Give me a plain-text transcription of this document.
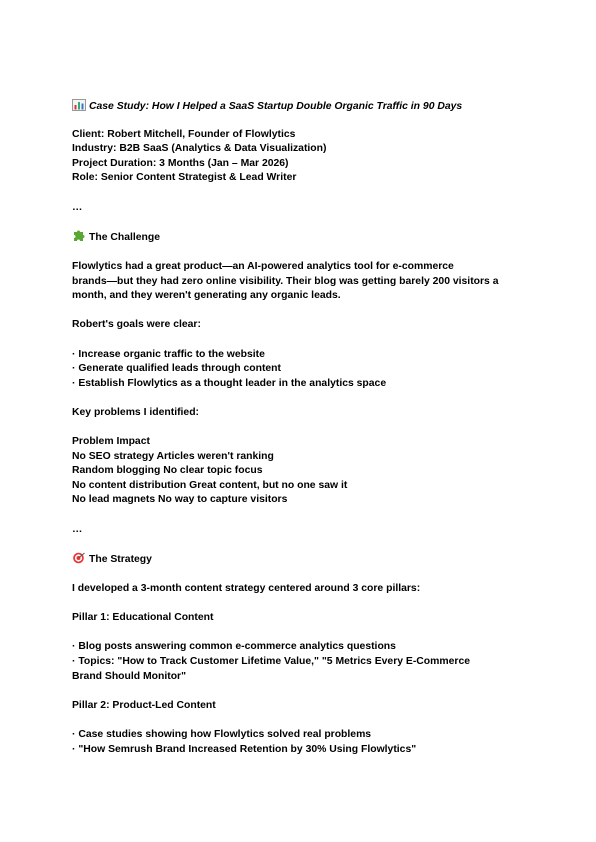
Case Study: How I Helped a SaaS Startup Double Organic Traffic in 90 Days
Client: Robert Mitchell, Founder of Flowlytics
Industry: B2B SaaS (Analytics & Data Visualization)
Project Duration: 3 Months (Jan – Mar 2026)
Role: Senior Content Strategist & Lead Writer
…
The Challenge
Flowlytics had a great product—an AI-powered analytics tool for e-commerce
brands—but they had zero online visibility. Their blog was getting barely 200 visitors a
month, and they weren't generating any organic leads.
Robert's goals were clear:
· Increase organic traffic to the website
· Generate qualified leads through content
· Establish Flowlytics as a thought leader in the analytics space
Key problems I identified:
Problem Impact
No SEO strategy Articles weren't ranking
Random blogging No clear topic focus
No content distribution Great content, but no one saw it
No lead magnets No way to capture visitors
…
The Strategy
I developed a 3-month content strategy centered around 3 core pillars:
Pillar 1: Educational Content
· Blog posts answering common e-commerce analytics questions
· Topics: "How to Track Customer Lifetime Value," "5 Metrics Every E-Commerce
Brand Should Monitor"
Pillar 2: Product-Led Content
· Case studies showing how Flowlytics solved real problems
· "How Semrush Brand Increased Retention by 30% Using Flowlytics"
